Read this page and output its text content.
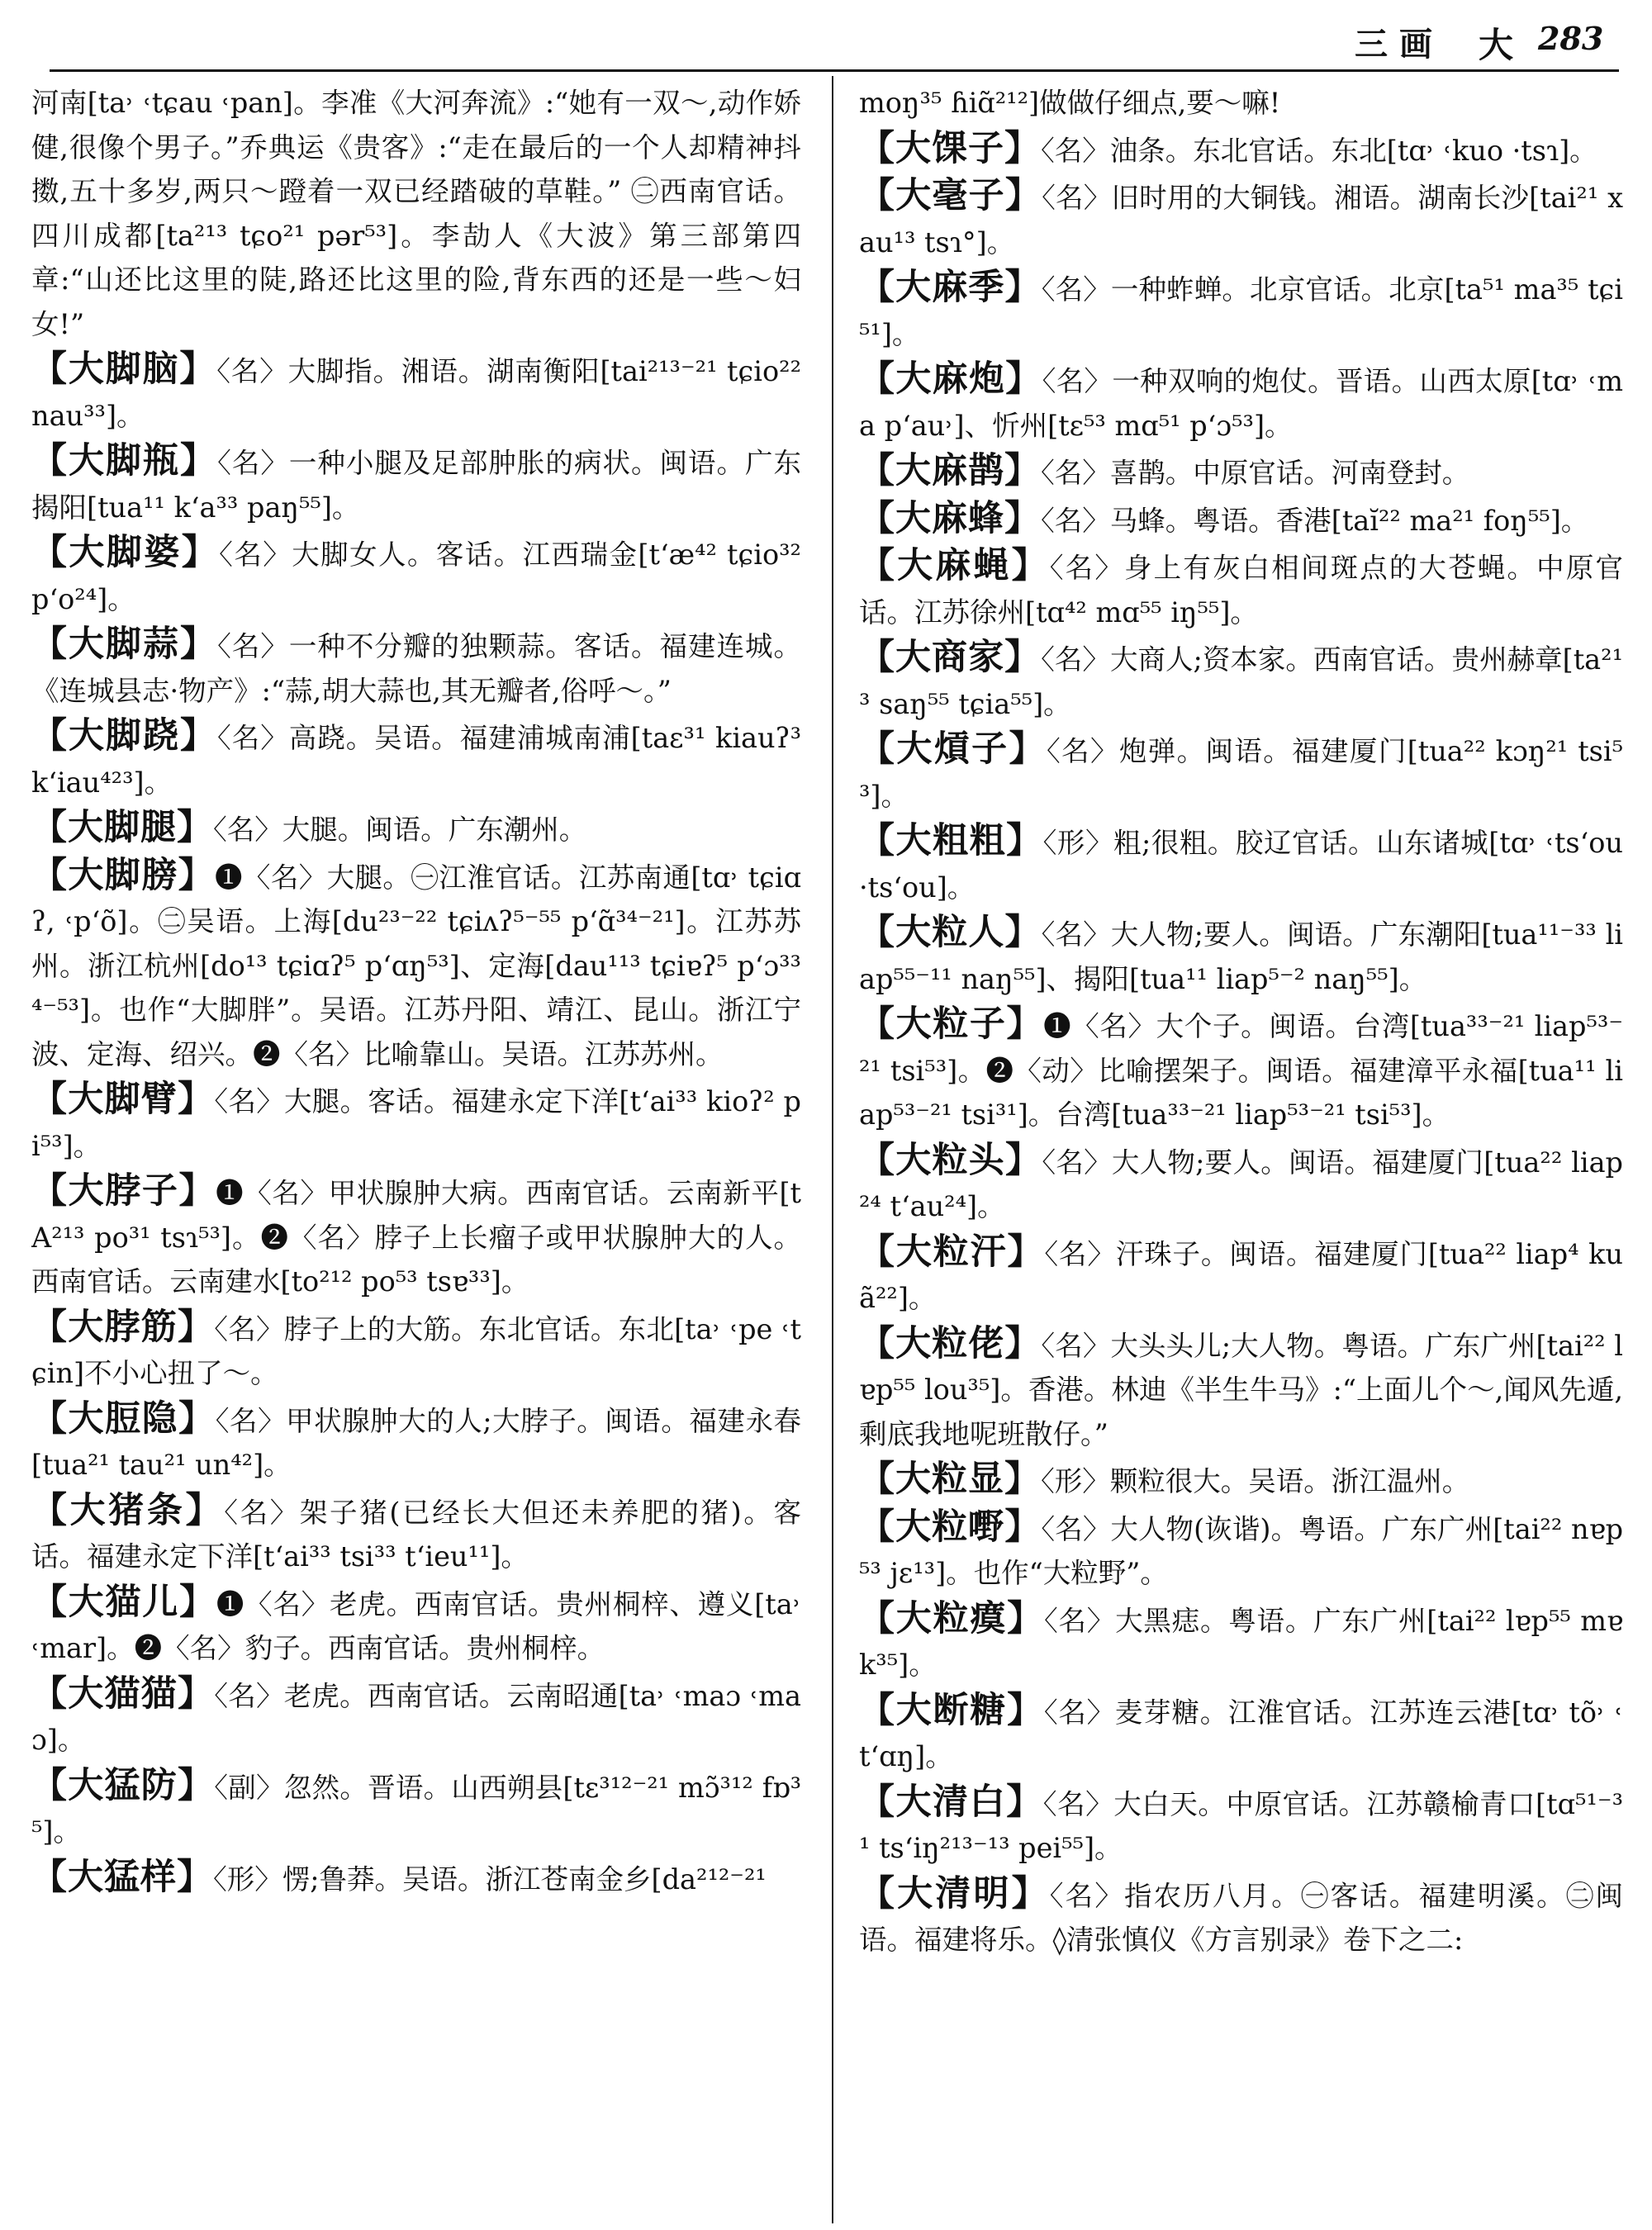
三画 大 283
河南[ta˒ ˓tɕau ˓pan]。李准《大河奔流》:“她有一双～,动作娇健,很像个男子。”乔典运《贵客》:“走在最后的一个人却精神抖擞,五十多岁,两只～蹬着一双已经踏破的草鞋。” ㊁西南官话。四川成都[ta²¹³ tɕo²¹ pər⁵³]。李劼人《大波》第三部第四章:“山还比这里的陡,路还比这里的险,背东西的还是一些～妇女!”
【大脚脑】〈名〉大脚指。湘语。湖南衡阳[tai²¹³⁻²¹ tɕio²² nau³³]。
【大脚瓶】〈名〉一种小腿及足部肿胀的病状。闽语。广东揭阳[tua¹¹ k‘a³³ paŋ⁵⁵]。
【大脚婆】〈名〉大脚女人。客话。江西瑞金[t‘æ⁴² tɕio³² p‘o²⁴]。
【大脚蒜】〈名〉一种不分瓣的独颗蒜。客话。福建连城。《连城县志·物产》:“蒜,胡大蒜也,其无瓣者,俗呼～。”
【大脚跷】〈名〉高跷。吴语。福建浦城南浦[taɛ³¹ kiauʔ³ k‘iau⁴²³]。
【大脚腿】〈名〉大腿。闽语。广东潮州。
【大脚膀】❶〈名〉大腿。㊀江淮官话。江苏南通[tɑ˒ tɕiɑʔ, ˓p‘õ]。㊁吴语。上海[du²³⁻²² tɕiʌʔ⁵⁻⁵⁵ p‘ɑ̃³⁴⁻²¹]。江苏苏州。浙江杭州[do¹³ tɕiɑʔ⁵ p‘ɑŋ⁵³]、定海[dau¹¹³ tɕiɐʔ⁵ p‘ɔ³³⁴⁻⁵³]。也作“大脚胖”。吴语。江苏丹阳、靖江、昆山。浙江宁波、定海、绍兴。❷〈名〉比喻靠山。吴语。江苏苏州。
【大脚臂】〈名〉大腿。客话。福建永定下洋[t‘ai³³ kioʔ² pi⁵³]。
【大脖子】❶〈名〉甲状腺肿大病。西南官话。云南新平[tA²¹³ po³¹ tsɿ⁵³]。❷〈名〉脖子上长瘤子或甲状腺肿大的人。西南官话。云南建水[to²¹² po⁵³ tsɐ³³]。
【大脖筋】〈名〉脖子上的大筋。东北官话。东北[ta˒ ˓pe ˓tɕin]不小心扭了～。
【大脰隐】〈名〉甲状腺肿大的人;大脖子。闽语。福建永春[tua²¹ tau²¹ un⁴²]。
【大猪条】〈名〉架子猪(已经长大但还未养肥的猪)。客话。福建永定下洋[t‘ai³³ tsi³³ t‘ieu¹¹]。
【大猫儿】❶〈名〉老虎。西南官话。贵州桐梓、遵义[ta˒ ˓mar]。❷〈名〉豹子。西南官话。贵州桐梓。
【大猫猫】〈名〉老虎。西南官话。云南昭通[ta˒ ˓maɔ ˓maɔ]。
【大猛防】〈副〉忽然。晋语。山西朔县[tɛ³¹²⁻²¹ mɔ̃³¹² fɒ³⁵]。
【大猛样】〈形〉愣;鲁莽。吴语。浙江苍南金乡[da²¹²⁻²¹
moŋ³⁵ ɦiɑ̃²¹²]做做仔细点,要～嘛!
【大馃子】〈名〉油条。东北官话。东北[tɑ˒ ˓kuo ·tsɿ]。
【大毫子】〈名〉旧时用的大铜钱。湘语。湖南长沙[tai²¹ xau¹³ tsɿ°]。
【大麻季】〈名〉一种蚱蝉。北京官话。北京[ta⁵¹ ma³⁵ tɕi⁵¹]。
【大麻炮】〈名〉一种双响的炮仗。晋语。山西太原[tɑ˒ ˓ma p‘au˒]、忻州[tɛ⁵³ mɑ⁵¹ p‘ɔ⁵³]。
【大麻鹊】〈名〉喜鹊。中原官话。河南登封。
【大麻蜂】〈名〉马蜂。粤语。香港[taĭ²² ma²¹ foŋ⁵⁵]。
【大麻蝇】〈名〉身上有灰白相间斑点的大苍蝇。中原官话。江苏徐州[tɑ⁴² mɑ⁵⁵ iŋ⁵⁵]。
【大商家】〈名〉大商人;资本家。西南官话。贵州赫章[ta²¹³ saŋ⁵⁵ tɕia⁵⁵]。
【大熕子】〈名〉炮弹。闽语。福建厦门[tua²² kɔŋ²¹ tsi⁵³]。
【大粗粗】〈形〉粗;很粗。胶辽官话。山东诸城[tɑ˒ ˓ts‘ou ·ts‘ou]。
【大粒人】〈名〉大人物;要人。闽语。广东潮阳[tua¹¹⁻³³ liap⁵⁵⁻¹¹ naŋ⁵⁵]、揭阳[tua¹¹ liap⁵⁻² naŋ⁵⁵]。
【大粒子】❶〈名〉大个子。闽语。台湾[tua³³⁻²¹ liap⁵³⁻²¹ tsi⁵³]。❷〈动〉比喻摆架子。闽语。福建漳平永福[tua¹¹ liap⁵³⁻²¹ tsi³¹]。台湾[tua³³⁻²¹ liap⁵³⁻²¹ tsi⁵³]。
【大粒头】〈名〉大人物;要人。闽语。福建厦门[tua²² liap²⁴ t‘au²⁴]。
【大粒汗】〈名〉汗珠子。闽语。福建厦门[tua²² liap⁴ kuã²²]。
【大粒佬】〈名〉大头头儿;大人物。粤语。广东广州[tai²² lɐp⁵⁵ lou³⁵]。香港。林迪《半生牛马》:“上面儿个～,闻风先遁,剩底我地呢班散仔。”
【大粒显】〈形〉颗粒很大。吴语。浙江温州。
【大粒嘢】〈名〉大人物(诙谐)。粤语。广东广州[tai²² nɐp⁵³ jɛ¹³]。也作“大粒野”。
【大粒瘼】〈名〉大黑痣。粤语。广东广州[tai²² lɐp⁵⁵ mɐk³⁵]。
【大断糖】〈名〉麦芽糖。江淮官话。江苏连云港[tɑ˒ tõ˒ ˓t‘ɑŋ]。
【大清白】〈名〉大白天。中原官话。江苏赣榆青口[tɑ⁵¹⁻³¹ ts‘iŋ²¹³⁻¹³ pei⁵⁵]。
【大清明】〈名〉指农历八月。㊀客话。福建明溪。㊁闽语。福建将乐。◊清张慎仪《方言别录》卷下之二:
